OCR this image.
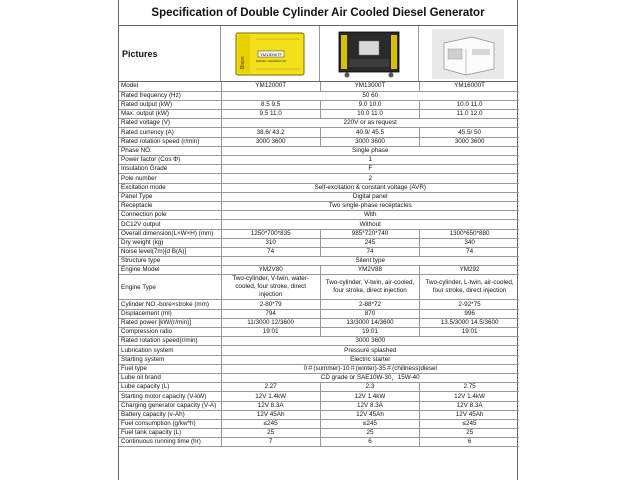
Specification of Double Cylinder Air Cooled Diesel Generator
Pictures
Bison
YM13000TF
DIESEL GENERATOR
Model	YM12000T	YM13000T	YM16000T
Rated frequency (Hz)	50 60		
Rated output (kW)	8.5 9.5	9.0 10.0	10.0 11.0
Max. output (kW)	9.5 11.0	10.0 11.0	11.0 12.0
Rated voltage (V)	220V or as request		
Rated currency (A)	38.6/ 43.2	40.9/ 45.5	45.5/ 50
Rated rotation speed (r/min)	3000 3600	3000 3600	3000 3600
Phase NO.	Single phase		
Power factor (Cos Φ)	1		
Insulation Grade	F		
Pole number	2		
Excitation mode	Self-excitation & constant voltage (AVR)		
Panel Type	Digital panel		
Receptacle	Two single-phase receptacles		
Connection pole	With		
DC12V output	Without		
Overall dimension(L×W×H) (mm)	1250*700*835	985*720*740	1300*650*880
Dry weight (kg)	310	245	340
Noise level(7m)[d B(A)]	74	74	74
Structure type	Silent type		
Engine Model	YM2V80	YM2V88	YM292
Engine Type	Two-cylinder, V-twin, water-cooled, four stroke, direct injection	Two-cylinder, V-twin, air-cooled, four stroke, direct injection	Two-cylinder, L-twin, air-cooled, four stroke, direct injection
Cylinder NO.-bore×stroke (mm)	2-80*79	2-88*72	2-92*75
Displacement (ml)	794	870	996
Rated power [kW/(r/min)]	11/3000 12/3600	13/3000 14/3600	13.5/3000 14.5/3600
Compression ratio	19:01	19:01	19:01
Rated rotation speed(r/min)	3000 3600		
Lubrication system	Pressure splashed		
Starting system	Electric starter		
Fuel type	0＃(summer)-10＃(winter)-35＃(chillness)diesel		
Lube oil brand	CD grade or SAE10W-30，15W-40		
Lube capacity (L)	2.27	2.3	2.75
Starting motor capacity (V-kW)	12V 1.4kW	12V 1.4kW	12V 1.4kW
Charging generator capacity (V-A)	12V 8.3A	12V 8.3A	12V 8.3A
Battery capacity (v-Ah)	12V 45Ah	12V 45Ah	12V 45Ah
Fuel consumption (g/kw*h)	≤245	≤245	≤245
Fuel tank capacity (L)	25	25	25
Continuous running time (hr)	7	6	6
